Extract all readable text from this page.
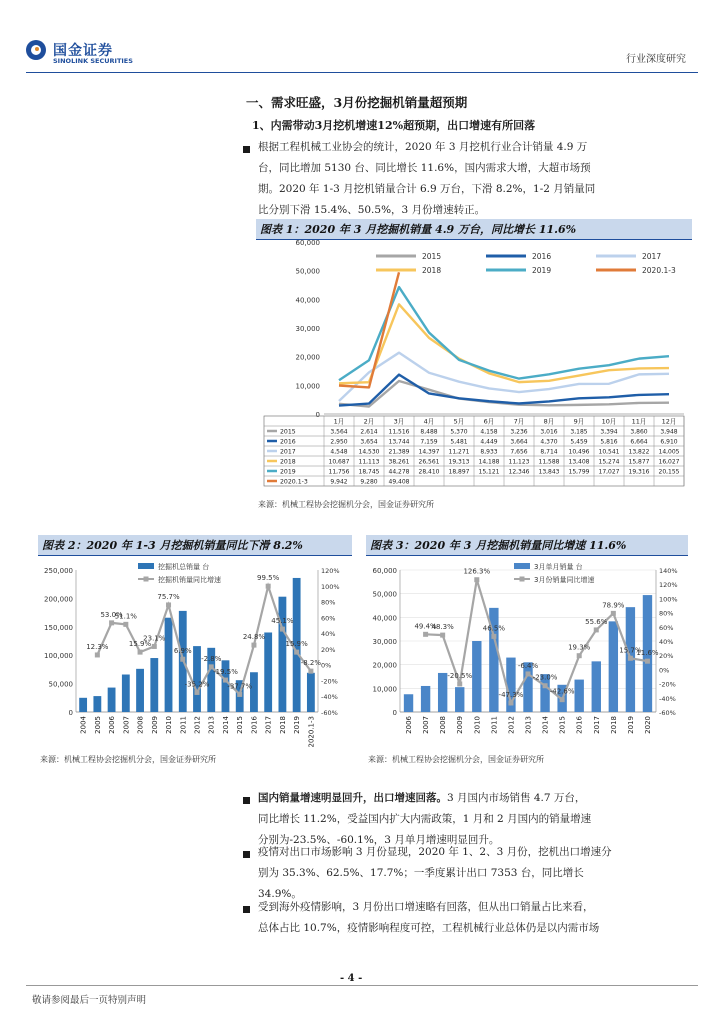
国金证券
SINOLINK SECURITIES	行业深度研究
一、需求旺盛，3月份挖掘机销量超预期
1、内需带动3月挖机增速12%超预期，出口增速有所回落
根据工程机械工业协会的统计，2020 年 3 月挖机行业合计销量 4.9 万
台，同比增加 5130 台、同比增长 11.6%，国内需求大增，大超市场预
期。2020 年 1-3 月挖机销量合计 6.9 万台，下滑 8.2%，1-2 月销量同
比分别下滑 15.4%、50.5%，3 月份增速转正。
图表 1：2020 年 3 月挖掘机销量 4.9 万台，同比增长 11.6%
60,000
50,000
40,000
30,000
20,000
10,000
0
2015	2016	2017
2018	2019	2020.1-3
1月	2月	3月	4月	5月	6月	7月	8月	9月	10月 11月 12月
2015	3,564 2,614 11,516 8,488 5,370 4,158 3,236 3,016 3,185 3,394 3,860 3,948
2016	2,950 3,654 13,744 7,159 5,481 4,449 3,664 4,370 5,459 5,816 6,664 6,910
2017	4,548 14,530 21,389 14,397 11,271 8,933 7,656 8,714 10,496 10,541 13,822 14,005
2018	10,687 11,113 38,261 26,561 19,313 14,188 11,123 11,588 13,408 15,274 15,877 16,027
2019	11,756 18,745 44,278 28,410 18,897 15,121 12,346 13,843 15,799 17,027 19,316 20,155
2020.1-3	9,942 9,280 49,408
来源：机械工程协会挖掘机分会，国金证券研究所
图表 2：2020 年 1-3 月挖掘机销量同比下滑 8.2%
250,000
200,000
150,000
100,000
50,000
0
120%
100%
80%
60%
40%
20%
0%
-20%
-40%
-60%
12.3%
53.0%
51.1%
15.9%
23.1%
75.7%
6.9%
-35.2%
-2.8%
-19.5%
-37.7%
24.8%
99.5%
45.1%
15.9%
-8.2%
2004 2005 2006 2007 2008 2009 2010 2011 2012 2013 2014 2015 2016 2017 2018 2019 2020.1-3
挖掘机总销量 台
挖掘机销量同比增速
来源：机械工程协会挖掘机分会，国金证券研究所
图表 3：2020 年 3 月挖掘机销量同比增速 11.6%
60,000
50,000
40,000
30,000
20,000
10,000
0
140%
120%
100%
80%
60%
40%
20%
0%
-20%
-40%
-60%
49.4%
48.3%
-20.5%
126.3%
46.5%
-47.3%
-6.4%
-23.0%
-42.6%
19.3%
55.6%
78.9%
15.7%
11.6%
2006 2007 2008 2009 2010 2011 2012 2013 2014 2015 2016 2017 2018 2019 2020
3月单月销量 台
3月份销量同比增速
来源：机械工程协会挖掘机分会，国金证券研究所
国内销量增速明显回升，出口增速回落。3 月国内市场销售 4.7 万台，
同比增长 11.2%，受益国内扩大内需政策，1 月和 2 月国内的销量增速
分别为-23.5%、-60.1%，3 月单月增速明显回升。
疫情对出口市场影响 3 月份显现，2020 年 1、2、3 月份，挖机出口增速分
别为 35.3%、62.5%、17.7%；一季度累计出口 7353 台，同比增长
34.9%。
受到海外疫情影响，3 月份出口增速略有回落，但从出口销量占比来看，
总体占比 10.7%，疫情影响程度可控，工程机械行业总体仍是以内需市场
- 4 -
敬请参阅最后一页特别声明
